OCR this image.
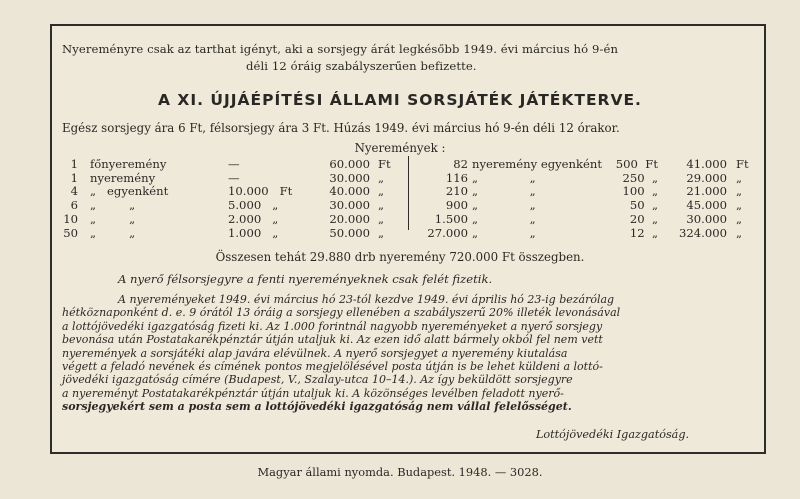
Nyereményre csak az tarthat igényt, aki a sorsjegy árát legkésőbb 1949. évi március hó 9-én
déli 12 óráig szabályszerűen befizette.
A XI. ÚJJÁÉPÍTÉSI ÁLLAMI SORSJÁTÉK JÁTÉKTERVE.
Egész sorsjegy ára 6 Ft, félsorsjegy ára 3 Ft. Húzás 1949. évi március hó 9-én déli 12 órakor.
Nyeremények :
Összesen tehát 29.880 drb nyeremény 720.000 Ft összegben.
A nyerő félsorsjegyre a fenti nyereményeknek csak felét fizetik.
Lottójövedéki Igazgatóság.
Magyar állami nyomda. Budapest. 1948. — 3028.
1 főnyeremény	—	60.000 Ft
1 nyeremény	—	30.000 „
4 „   egyenként	10.000   Ft	40.000 „
6 „         „	5.000   „	30.000 „
10 „         „	2.000   „	20.000 „
50 „         „	1.000   „	50.000 „
82 nyeremény egyenként	500  Ft	41.000 Ft
116 „              „	250  „	29.000 „
210 „              „	100  „	21.000 „
900 „              „	50  „	45.000 „
1.500 „              „	20  „	30.000 „
27.000 „              „	12  „	324.000 „
A nyereményeket 1949. évi március hó 23-tól kezdve 1949. évi április hó 23-ig bezárólag
hétköznaponként d. e. 9 órától 13 óráig a sorsjegy ellenében a szabályszerű 20% illeték levonásával
a lottójövedéki igazgatóság fizeti ki. Az 1.000 forintnál nagyobb nyereményeket a nyerő sorsjegy
bevonása után Postatakarékpénztár útján utaljuk ki. Az ezen idő alatt bármely okból fel nem vett
nyeremények a sorsjátéki alap javára elévülnek. A nyerő sorsjegyet a nyeremény kiutalása
végett a feladó nevének és címének pontos megjelölésével posta útján is be lehet küldeni a lottó-
jövedéki igazgatóság címére (Budapest, V., Szalay-utca 10–14.). Az így beküldött sorsjegyre
a nyereményt Postatakarékpénztár útján utaljuk ki. A közönséges levélben feladott nyerő-
sorsjegyekért sem a posta sem a lottójövedéki igazgatóság nem vállal felelősséget.
